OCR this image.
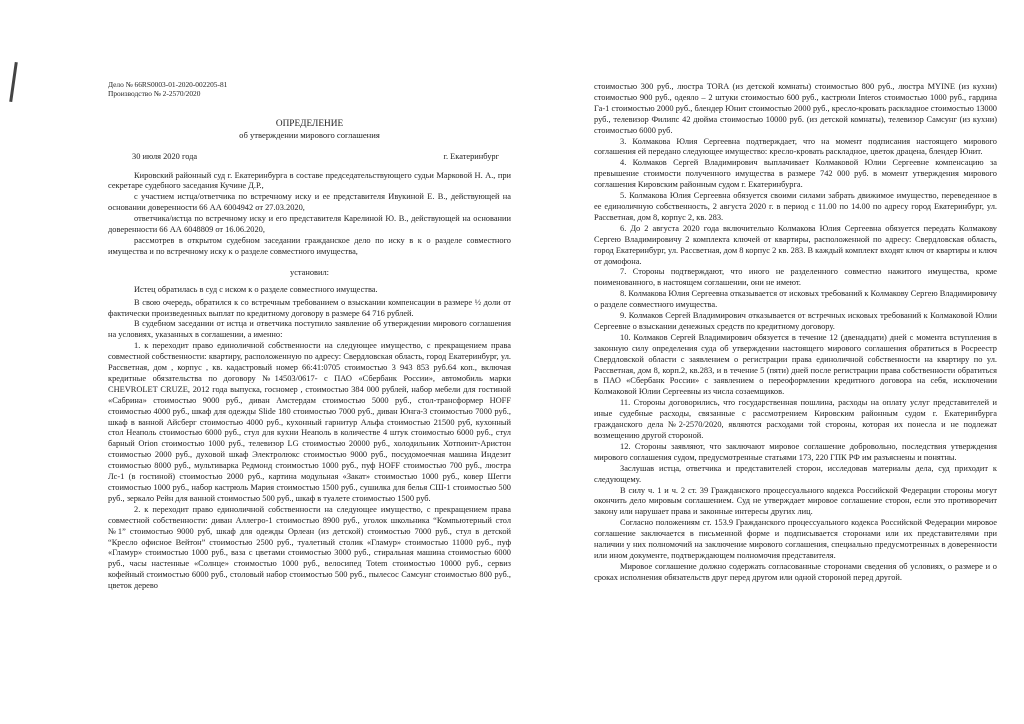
Дело № 66RS0003-01-2020-002205-81

Производство № 2-2570/2020

ОПРЕДЕЛЕНИЕ

об утверждении мирового соглашения

30 июля 2020 года	г. Екатеринбург

Кировский районный суд г. Екатеринбурга в составе председательствующего судьи Марковой Н. А., при секретаре судебного заседания Кучине Д.Р.,

с участием истца/ответчика по встречному иску и ее представителя Ивукиной Е. В., действующей на основании доверенности 66 АА 6004942 от 27.03.2020,

ответчика/истца по встречному иску и его представителя Карелиной Ю. В., действующей на основании доверенности 66 АА 6048809 от 16.06.2020,

рассмотрев в открытом судебном заседании гражданское дело по иску в к о разделе совместного имущества и по встречному иску к о разделе совместного имущества,

установил:

Истец обратилась в суд с иском к о разделе совместного имущества.

В свою очередь, обратился к со встречным требованием о взыскании компенсации в размере ½ доли от фактически произведенных выплат по кредитному договору в размере 64 716 рублей.

В судебном заседании от истца и ответчика поступило заявление об утверждении мирового соглашения на условиях, указанных в соглашении, а именно:

1. к переходит право единоличной собственности на следующее имущество, с прекращением права совместной собственности: квартиру, расположенную по адресу: Свердловская область, город Екатеринбург, ул. Рассветная, дом , корпус , кв. кадастровый номер 66:41:0705 стоимостью 3 943 853 руб.64 коп., включая кредитные обязательства по договору №14503/0617- с ПАО «Сбербанк России», автомобиль марки CHEVROLET CRUZE, 2012 года выпуска, госномер , стоимостью 384 000 рублей, набор мебели для гостиной «Сабрина» стоимостью 9000 руб., диван Амстердам стоимостью 5000 руб., стол-трансформер HOFF стоимостью 4000 руб., шкаф для одежды Slide 180 стоимостью 7000 руб., диван Юнга-3 стоимостью 7000 руб., шкаф в ванной Айсберг стоимостью 4000 руб., кухонный гарнитур Альфа стоимостью 21500 руб, кухонный стол Неаполь стоимостью 6000 руб., стул для кухни Неаполь в количестве 4 штук стоимостью 6000 руб., стул барный Orion стоимостью 1000 руб., телевизор LG стоимостью 20000 руб., холодильник Хотпоинт-Аристон стоимостью 2000 руб., духовой шкаф Электролюкс стоимостью 9000 руб., посудомоечная машина Индезит стоимостью 8000 руб., мультиварка Редмонд стоимостью 1000 руб., пуф HOFF стоимостью 700 руб., люстра Лс-1 (в гостиной) стоимостью 2000 руб., картина модульная «Закат» стоимостью 1000 руб., ковер Шегги стоимостью 1000 руб., набор кастрюль Мария стоимостью 1500 руб., сушилка для белья СШ-1 стоимостью 500 руб., зеркало Рейн для ванной стоимостью 500 руб., шкаф в туалете стоимостью 1500 руб.

2. к переходит право единоличной собственности на следующее имущество, с прекращением права совместной собственности: диван Аллегро-1 стоимостью 8900 руб., уголок школьника “Компьютерный стол №1” стоимостью 9000 руб, шкаф для одежды Орлеан (из детской) стоимостью 7000 руб., стул в детской “Кресло офисное Вейтон” стоимостью 2500 руб., туалетный столик «Гламур» стоимостью 11000 руб., пуф «Гламур» стоимостью 1000 руб., ваза с цветами стоимостью 3000 руб., стиральная машина стоимостью 6000 руб., часы настенные «Солнце» стоимостью 1000 руб., велосипед Totem стоимостью 10000 руб., сервиз кофейный стоимостью 6000 руб., столовый набор стоимостью 500 руб., пылесос Самсунг стоимостью 800 руб., цветок дерево

стоимостью 300 руб., люстра TORA (из детской комнаты) стоимостью 800 руб., люстра MYINE (из кухни) стоимостью 900 руб., одеяло – 2 штуки стоимостью 600 руб., кастрюли Interos стоимостью 1000 руб., гардина Га-1 стоимостью 2000 руб., блендер Юнит стоимостью 2000 руб., кресло-кровать раскладное стоимостью 13000 руб., телевизор Филипс 42 дюйма стоимостью 10000 руб. (из детской комнаты), телевизор Самсунг (из кухни) стоимостью 6000 руб.

3. Колмакова Юлия Сергеевна подтверждает, что на момент подписания настоящего мирового соглашения ей передано следующее имущество: кресло-кровать раскладное, цветок драцена, блендер Юнит.

4. Колмаков Сергей Владимирович выплачивает Колмаковой Юлии Сергеевне компенсацию за превышение стоимости полученного имущества в размере 742 000 руб. в момент утверждения мирового соглашения Кировским районным судом г. Екатеринбурга.

5. Колмакова Юлия Сергеевна обязуется своими силами забрать движимое имущество, переведенное в ее единоличную собственность, 2 августа 2020 г. в период с 11.00 по 14.00 по адресу город Екатеринбург, ул. Рассветная, дом 8, корпус 2, кв. 283.

6. До 2 августа 2020 года включительно Колмакова Юлия Сергеевна обязуется передать Колмакову Сергею Владимировичу 2 комплекта ключей от квартиры, расположенной по адресу: Свердловская область, город Екатеринбург, ул. Рассветная, дом 8 корпус 2 кв. 283. В каждый комплект входят ключ от квартиры и ключ от домофона.

7. Стороны подтверждают, что иного не разделенного совместно нажитого имущества, кроме поименованного, в настоящем соглашении, они не имеют.

8. Колмакова Юлия Сергеевна отказывается от исковых требований к Колмакову Сергею Владимировичу о разделе совместного имущества.

9. Колмаков Сергей Владимирович отказывается от встречных исковых требований к Колмаковой Юлии Сергеевне о взыскании денежных средств по кредитному договору.

10. Колмаков Сергей Владимирович обязуется в течение 12 (двенадцати) дней с момента вступления в законную силу определения суда об утверждении настоящего мирового соглашения обратиться в Росреестр Свердловской области с заявлением о регистрации права единоличной собственности на квартиру по ул. Рассветная, дом 8, корп.2, кв.283, и в течение 5 (пяти) дней после регистрации права собственности обратиться в ПАО «Сбербанк России» с заявлением о переоформлении кредитного договора на себя, исключении Колмаковой Юлии Сергеевны из числа созаемщиков.

11. Стороны договорились, что государственная пошлина, расходы на оплату услуг представителей и иные судебные расходы, связанные с рассмотрением Кировским районным судом г. Екатеринбурга гражданского дела №2-2570/2020, являются расходами той стороны, которая их понесла и не подлежат возмещению другой стороной.

12. Стороны заявляют, что заключают мировое соглашение добровольно, последствия утверждения мирового соглашения судом, предусмотренные статьями 173, 220 ГПК РФ им разъяснены и понятны.

Заслушав истца, ответчика и представителей сторон, исследовав материалы дела, суд приходит к следующему.

В силу ч. 1 и ч. 2 ст. 39 Гражданского процессуального кодекса Российской Федерации стороны могут окончить дело мировым соглашением. Суд не утверждает мировое соглашение сторон, если это противоречит закону или нарушает права и законные интересы других лиц.

Согласно положениям ст. 153.9 Гражданского процессуального кодекса Российской Федерации мировое соглашение заключается в письменной форме и подписывается сторонами или их представителями при наличии у них полномочий на заключение мирового соглашения, специально предусмотренных в доверенности или ином документе, подтверждающем полномочия представителя.

Мировое соглашение должно содержать согласованные сторонами сведения об условиях, о размере и о сроках исполнения обязательств друг перед другом или одной стороной перед другой.
